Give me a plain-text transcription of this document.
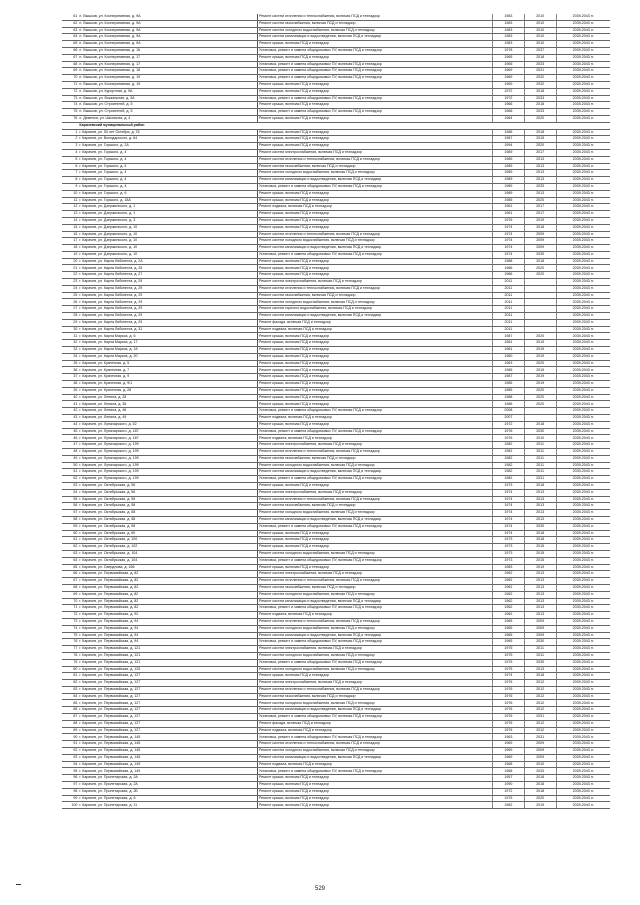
61	п. Вышков, ул. Кооперативная, д. 9А	Ремонт систем отопления и теплоснабжения, включая ПСД и технадзор	1983	2010	2039-2043 гг.
62	п. Вышков, ул. Кооперативная, д. 9А	Ремонт систем газоснабжения, включая ПСД и технадзор	1983	2010	2039-2043 гг.
63	п. Вышков, ул. Кооперативная, д. 9А	Ремонт систем холодного водоснабжения, включая ПСД и технадзор	1983	2010	2039-2043 гг.
64	п. Вышков, ул. Кооперативная, д. 9А	Ремонт систем канализации и водоотведения, включая ПСД и технадзор	1983	2010	2039-2043 гг.
65	п. Вышков, ул. Кооперативная, д. 9А	Ремонт крыши, включая ПСД и технадзор	1983	2010	2039-2043 гг.
66	п. Вышков, ул. Кооперативная, д. 16	Установка, ремонт и замена общедомовых ПУ, включая ПСД и технадзор	1978	2037	2039-2043 гг.
67	п. Вышков, ул. Кооперативная, д. 17	Ремонт крыши, включая ПСД и технадзор	1965	2018	2039-2043 гг.
68	п. Вышков, ул. Кооперативная, д. 17	Установка, ремонт и замена общедомовых ПУ, включая ПСД и технадзор	1965	2033	2039-2043 гг.
69	п. Вышков, ул. Кооперативная, д. 18	Установка, ремонт и замена общедомовых ПУ, включая ПСД и технадзор	1969	2031	2039-2043 гг.
70	п. Вышков, ул. Кооперативная, д. 19	Установка, ремонт и замена общедомовых ПУ, включая ПСД и технадзор	1969	2032	2039-2043 гг.
71	п. Вышков, ул. Кооперативная, д. 19	Ремонт крыши, включая ПСД и технадзор	1969	2032	2039-2043 гг.
72	п. Вышков, ул. Курортная, д. 9А	Ремонт крыши, включая ПСД и технадзор	1972	2018	2039-2043 гг.
73	п. Вышков, ул. Вокзальная, д. 3А	Установка, ремонт и замена общедомовых ПУ, включая ПСД и технадзор	1972	2033	2039-2043 гг.
74	п. Вышков, ул. Строителей, д. 5	Ремонт крыши, включая ПСД и технадзор	1966	2018	2039-2043 гг.
75	п. Вышков, ул. Строителей, д. 5	Установка, ремонт и замена общедомовых ПУ, включая ПСД и технадзор	1966	2033	2039-2043 гг.
76	с. Деменка, ул. Школьная, д. 4	Ремонт крыши, включая ПСД и технадзор	1964	2020	2039-2043 гг.
	Карачевский муниципальный район				
1	г. Карачев, ул. 50 лет Октября, д. 78	Ремонт крыши, включая ПСД и технадзор	1988	2018	2039-2043 гг.
2	г. Карачев, ул. Володарского, д. 64	Ремонт крыши, включая ПСД и технадзор	1987	2015	2039-2043 гг.
3	г. Карачев, ул. Горького, д. 2А	Ремонт крыши, включая ПСД и технадзор	1994	2020	2039-2043 гг.
4	г. Карачев, ул. Горького, д. 4	Ремонт систем электроснабжения, включая ПСД и технадзор	1989	2017	2039-2043 гг.
5	г. Карачев, ул. Горького, д. 4	Ремонт систем отопления и теплоснабжения, включая ПСД и технадзор	1989	2013	2039-2043 гг.
6	г. Карачев, ул. Горького, д. 4	Ремонт систем газоснабжения, включая ПСД и технадзор	1989	2013	2039-2043 гг.
7	г. Карачев, ул. Горького, д. 4	Ремонт систем холодного водоснабжения, включая ПСД и технадзор	1989	2013	2039-2043 гг.
8	г. Карачев, ул. Горького, д. 4	Ремонт систем канализации и водоотведения, включая ПСД и технадзор	1989	2013	2039-2043 гг.
9	г. Карачев, ул. Горького, д. 4	Установка, ремонт и замена общедомовых ПУ, включая ПСД и технадзор	1989	2033	2039-2043 гг.
10	г. Карачев, ул. Горького, д. 6	Ремонт крыши, включая ПСД и технадзор	1989	2013	2039-2043 гг.
11	г. Карачев, ул. Горького, д. 18А	Ремонт крыши, включая ПСД и технадзор	1985	2020	2039-2043 гг.
12	г. Карачев, ул. Дзержинского, д. 1	Ремонт подвала, включая ПСД и технадзор	1961	2017	2039-2043 гг.
13	г. Карачев, ул. Дзержинского, д. 1	Ремонт крыши, включая ПСД и технадзор	1961	2017	2039-2043 гг.
14	г. Карачев, ул. Дзержинского, д. 3	Ремонт крыши, включая ПСД и технадзор	1976	2019	2039-2043 гг.
15	г. Карачев, ул. Дзержинского, д. 10	Ремонт крыши, включая ПСД и технадзор	1974	2018	2039-2043 гг.
16	г. Карачев, ул. Дзержинского, д. 10	Ремонт систем отопления и теплоснабжения, включая ПСД и технадзор	1974	2009	2039-2043 гг.
17	г. Карачев, ул. Дзержинского, д. 10	Ремонт систем холодного водоснабжения, включая ПСД и технадзор	1974	2009	2039-2043 гг.
18	г. Карачев, ул. Дзержинского, д. 10	Ремонт систем канализации и водоотведения, включая ПСД и технадзор	1974	2009	2039-2043 гг.
19	г. Карачев, ул. Дзержинского, д. 10	Установка, ремонт и замена общедомовых ПУ, включая ПСД и технадзор	1974	2030	2039-2043 гг.
20	г. Карачев, ул. Карла Либкнехта, д. 2А	Ремонт крыши, включая ПСД и технадзор	1988	2018	2039-2043 гг.
21	г. Карачев, ул. Карла Либкнехта, д. 25	Ремонт крыши, включая ПСД и технадзор	1986	2020	2039-2043 гг.
22	г. Карачев, ул. Карла Либкнехта, д. 27	Ремонт крыши, включая ПСД и технадзор	1986	2020	2039-2043 гг.
23	г. Карачев, ул. Карла Либкнехта, д. 29	Ремонт систем электроснабжения, включая ПСД и технадзор	2011		2039-2043 гг.
24	г. Карачев, ул. Карла Либкнехта, д. 29	Ремонт систем отопления и теплоснабжения, включая ПСД и технадзор	2011		2039-2043 гг.
25	г. Карачев, ул. Карла Либкнехта, д. 29	Ремонт систем газоснабжения, включая ПСД и технадзор	2011		2039-2043 гг.
26	г. Карачев, ул. Карла Либкнехта, д. 29	Ремонт систем холодного водоснабжения, включая ПСД и технадзор	2011		2039-2043 гг.
27	г. Карачев, ул. Карла Либкнехта, д. 29	Ремонт систем горячего водоснабжения, включая ПСД и технадзор	2011		2039-2043 гг.
28	г. Карачев, ул. Карла Либкнехта, д. 29	Ремонт систем канализации и водоотведения, включая ПСД и технадзор	2011		2039-2043 гг.
29	г. Карачев, ул. Карла Либкнехта, д. 29	Ремонт фасада, включая ПСД и технадзор	2011		2039-2043 гг.
30	г. Карачев, ул. Карла Либкнехта, д. 31	Ремонт подвала, включая ПСД и технадзор	2011		2039-2043 гг.
31	г. Карачев, ул. Карла Маркса, д. 6	Ремонт крыши, включая ПСД и технадзор	1987	2020	2039-2043 гг.
32	г. Карачев, ул. Карла Маркса, д. 17	Ремонт крыши, включая ПСД и технадзор	1981	2019	2039-2043 гг.
33	г. Карачев, ул. Карла Маркса, д. 18	Ремонт крыши, включая ПСД и технадзор	1981	2019	2039-2043 гг.
34	г. Карачев, ул. Карла Маркса, д. 20	Ремонт крыши, включая ПСД и технадзор	1980	2019	2039-2043 гг.
35	г. Карачев, ул. Кузнечная, д. 5	Ремонт крыши, включая ПСД и технадзор	1963	2020	2039-2043 гг.
36	г. Карачев, ул. Кузнечная, д. 7	Ремонт крыши, включая ПСД и технадзор	1985	2019	2039-2043 гг.
37	г. Карачев, ул. Кузнечная, д. 9	Ремонт крыши, включая ПСД и технадзор	1987	2019	2039-2043 гг.
38	г. Карачев, ул. Кузнечная, д. 9/1	Ремонт крыши, включая ПСД и технадзор	1985	2019	2039-2043 гг.
39	г. Карачев, ул. Кузнечная, д. 28	Ремонт крыши, включая ПСД и технадзор	1985	2020	2039-2043 гг.
40	г. Карачев, ул. Ленина, д. 28	Ремонт крыши, включая ПСД и технадзор	1988	2020	2039-2043 гг.
41	г. Карачев, ул. Ленина, д. 36	Ремонт крыши, включая ПСД и технадзор	1988	2020	2039-2043 гг.
42	г. Карачев, ул. Ленина, д. 46	Установка, ремонт и замена общедомовых ПУ, включая ПСД и технадзор	2008		2039-2043 гг.
43	г. Карачев, ул. Ленина, д. 49	Ремонт подвала, включая ПСД и технадзор	2007		2039-2043 гг.
44	г. Карачев, ул. Луначарского, д. 52	Ремонт крыши, включая ПСД и технадзор	1972	2018	2039-2043 гг.
45	г. Карачев, ул. Луначарского, д. 187	Установка, ремонт и замена общедомовых ПУ, включая ПСД и технадзор	1976	2030	2039-2043 гг.
46	г. Карачев, ул. Луначарского, д. 187	Ремонт подвала, включая ПСД и технадзор	1976	2010	2039-2043 гг.
47	г. Карачев, ул. Луначарского, д. 199	Ремонт систем электроснабжения, включая ПСД и технадзор	1982	2011	2039-2043 гг.
48	г. Карачев, ул. Луначарского, д. 199	Ремонт систем отопления и теплоснабжения, включая ПСД и технадзор	1982	2011	2039-2043 гг.
49	г. Карачев, ул. Луначарского, д. 199	Ремонт систем газоснабжения, включая ПСД и технадзор	1982	2011	2039-2043 гг.
50	г. Карачев, ул. Луначарского, д. 199	Ремонт систем холодного водоснабжения, включая ПСД и технадзор	1982	2011	2039-2043 гг.
51	г. Карачев, ул. Луначарского, д. 199	Ремонт систем канализации и водоотведения, включая ПСД и технадзор	1982	2011	2039-2043 гг.
52	г. Карачев, ул. Луначарского, д. 199	Установка, ремонт и замена общедомовых ПУ, включая ПСД и технадзор	1982	2031	2039-2043 гг.
53	г. Карачев, ул. Октябрьская, д. 56	Ремонт крыши, включая ПСД и технадзор	1973	2018	2039-2043 гг.
54	г. Карачев, ул. Октябрьская, д. 58	Ремонт систем электроснабжения, включая ПСД и технадзор	1974	2013	2039-2043 гг.
55	г. Карачев, ул. Октябрьская, д. 58	Ремонт систем отопления и теплоснабжения, включая ПСД и технадзор	1974	2013	2039-2043 гг.
56	г. Карачев, ул. Октябрьская, д. 58	Ремонт систем газоснабжения, включая ПСД и технадзор	1974	2013	2039-2043 гг.
57	г. Карачев, ул. Октябрьская, д. 58	Ремонт систем холодного водоснабжения, включая ПСД и технадзор	1974	2013	2039-2043 гг.
58	г. Карачев, ул. Октябрьская, д. 58	Ремонт систем канализации и водоотведения, включая ПСД и технадзор	1974	2013	2039-2043 гг.
59	г. Карачев, ул. Октябрьская, д. 58	Установка, ремонт и замена общедомовых ПУ, включая ПСД и технадзор	1974	2030	2039-2043 гг.
60	г. Карачев, ул. Октябрьская, д. 60	Ремонт крыши, включая ПСД и технадзор	1974	2018	2039-2043 гг.
61	г. Карачев, ул. Октябрьская, д. 100	Ремонт крыши, включая ПСД и технадзор	1973	2018	2039-2043 гг.
62	г. Карачев, ул. Октябрьская, д. 102	Ремонт крыши, включая ПСД и технадзор	1973	2015	2039-2043 гг.
63	г. Карачев, ул. Октябрьская, д. 104	Ремонт систем холодного водоснабжения, включая ПСД и технадзор	1973	2015	2039-2043 гг.
64	г. Карачев, ул. Октябрьская, д. 104	Установка, ремонт и замена общедомовых ПУ, включая ПСД и технадзор	1973	2015	2039-2043 гг.
65	г. Карачев, ул. Свердлова, д. 166	Ремонт крыши, включая ПСД и технадзор	1983	2019	2039-2043 гг.
66	г. Карачев, ул. Первомайская, д. 82	Ремонт систем электроснабжения, включая ПСД и технадзор	1962	2013	2039-2043 гг.
67	г. Карачев, ул. Первомайская, д. 82	Ремонт систем отопления и теплоснабжения, включая ПСД и технадзор	1962	2013	2039-2043 гг.
68	г. Карачев, ул. Первомайская, д. 82	Ремонт систем газоснабжения, включая ПСД и технадзор	1962	2013	2039-2043 гг.
69	г. Карачев, ул. Первомайская, д. 82	Ремонт систем холодного водоснабжения, включая ПСД и технадзор	1962	2013	2039-2043 гг.
70	г. Карачев, ул. Первомайская, д. 82	Ремонт систем канализации и водоотведения, включая ПСД и технадзор	1962	2013	2039-2043 гг.
71	г. Карачев, ул. Первомайская, д. 82	Установка, ремонт и замена общедомовых ПУ, включая ПСД и технадзор	1962	2013	2039-2043 гг.
72	г. Карачев, ул. Первомайская, д. 92	Ремонт подвала, включая ПСД и технадзор	1962	2013	2039-2043 гг.
73	г. Карачев, ул. Первомайская, д. 94	Ремонт систем отопления и теплоснабжения, включая ПСД и технадзор	1965	2009	2039-2043 гг.
74	г. Карачев, ул. Первомайская, д. 94	Ремонт систем холодного водоснабжения, включая ПСД и технадзор	1965	2009	2039-2043 гг.
75	г. Карачев, ул. Первомайская, д. 94	Ремонт систем канализации и водоотведения, включая ПСД и технадзор	1965	2009	2039-2043 гг.
76	г. Карачев, ул. Первомайская, д. 94	Установка, ремонт и замена общедомовых ПУ, включая ПСД и технадзор	1965	2030	2039-2043 гг.
77	г. Карачев, ул. Первомайская, д. 121	Ремонт систем электроснабжения, включая ПСД и технадзор	1975	2011	2039-2043 гг.
78	г. Карачев, ул. Первомайская, д. 121	Ремонт систем холодного водоснабжения, включая ПСД и технадзор	1975	2011	2039-2043 гг.
79	г. Карачев, ул. Первомайская, д. 121	Установка, ремонт и замена общедомовых ПУ, включая ПСД и технадзор	1975	2030	2039-2043 гг.
80	г. Карачев, ул. Первомайская, д. 125	Ремонт систем холодного водоснабжения, включая ПСД и технадзор	1975	2013	2039-2043 гг.
81	г. Карачев, ул. Первомайская, д. 127	Ремонт крыши, включая ПСД и технадзор	1974	2018	2039-2043 гг.
82	г. Карачев, ул. Первомайская, д. 127	Ремонт систем электроснабжения, включая ПСД и технадзор	1976	2012	2039-2043 гг.
83	г. Карачев, ул. Первомайская, д. 127	Ремонт систем отопления и теплоснабжения, включая ПСД и технадзор	1976	2012	2039-2043 гг.
84	г. Карачев, ул. Первомайская, д. 127	Ремонт систем газоснабжения, включая ПСД и технадзор	1976	2012	2039-2043 гг.
85	г. Карачев, ул. Первомайская, д. 127	Ремонт систем холодного водоснабжения, включая ПСД и технадзор	1976	2012	2039-2043 гг.
86	г. Карачев, ул. Первомайская, д. 127	Ремонт систем канализации и водоотведения, включая ПСД и технадзор	1976	2012	2039-2043 гг.
87	г. Карачев, ул. Первомайская, д. 127	Установка, ремонт и замена общедомовых ПУ, включая ПСД и технадзор	1976	2031	2039-2043 гг.
88	г. Карачев, ул. Первомайская, д. 127	Ремонт фасада, включая ПСД и технадзор	1976	2012	2039-2043 гг.
89	г. Карачев, ул. Первомайская, д. 127	Ремонт подвала, включая ПСД и технадзор	1976	2012	2039-2043 гг.
90	г. Карачев, ул. Первомайская, д. 145	Установка, ремонт и замена общедомовых ПУ, включая ПСД и технадзор	1963	2031	2039-2043 гг.
91	г. Карачев, ул. Первомайская, д. 145	Ремонт систем отопления и теплоснабжения, включая ПСД и технадзор	1969	2009	2039-2043 гг.
92	г. Карачев, ул. Первомайская, д. 145	Ремонт систем холодного водоснабжения, включая ПСД и технадзор	1969	2009	2039-2043 гг.
93	г. Карачев, ул. Первомайская, д. 145	Ремонт систем канализации и водоотведения, включая ПСД и технадзор	1969	2009	2039-2043 гг.
94	г. Карачев, ул. Первомайская, д. 149	Ремонт подвала, включая ПСД и технадзор	1968	2010	2039-2043 гг.
95	г. Карачев, ул. Первомайская, д. 149	Установка, ремонт и замена общедомовых ПУ, включая ПСД и технадзор	1968	2033	2039-2043 гг.
96	г. Карачев, ул. Пролетарская, д. 2А	Ремонт крыши, включая ПСД и технадзор	1957	2018	2039-2043 гг.
97	г. Карачев, ул. Пролетарская, д. 2А	Ремонт крыши, включая ПСД и технадзор	1990	2018	2039-2043 гг.
98	г. Карачев, ул. Пролетарская, д. 2Б	Ремонт крыши, включая ПСД и технадзор	1972	2018	2039-2043 гг.
99	г. Карачев, ул. Пролетарская, д. 6	Ремонт крыши, включая ПСД и технадзор	1975	2020	2039-2043 гг.
100	г. Карачев, ул. Пролетарская, д. 11	Ремонт крыши, включая ПСД и технадзор	1982	2019	2039-2043 гг.
529
